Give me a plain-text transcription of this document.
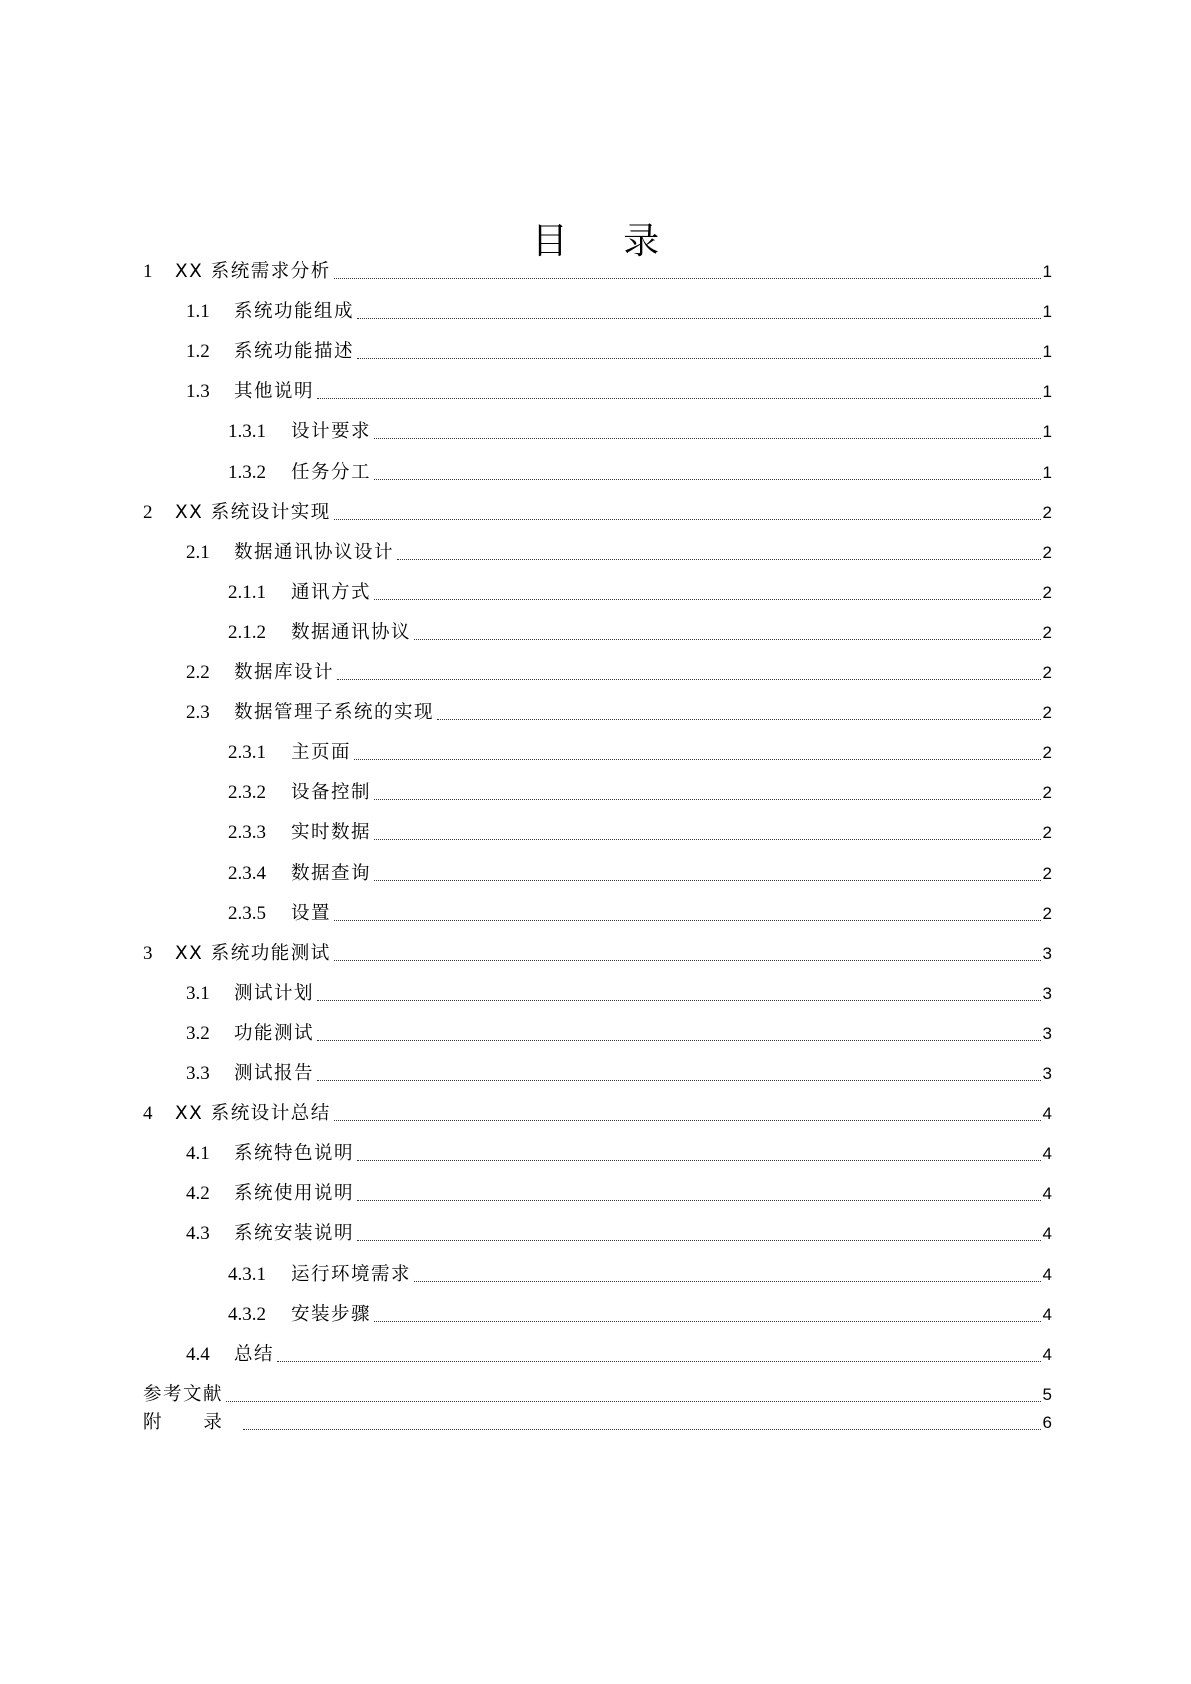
目 录
1	XX 系统需求分析	1
1.1	系统功能组成	1
1.2	系统功能描述	1
1.3	其他说明	1
1.3.1	设计要求	1
1.3.2	任务分工	1
2	XX 系统设计实现	2
2.1	数据通讯协议设计	2
2.1.1	通讯方式	2
2.1.2	数据通讯协议	2
2.2	数据库设计	2
2.3	数据管理子系统的实现	2
2.3.1	主页面	2
2.3.2	设备控制	2
2.3.3	实时数据	2
2.3.4	数据查询	2
2.3.5	设置	2
3	XX 系统功能测试	3
3.1	测试计划	3
3.2	功能测试	3
3.3	测试报告	3
4	XX 系统设计总结	4
4.1	系统特色说明	4
4.2	系统使用说明	4
4.3	系统安装说明	4
4.3.1	运行环境需求	4
4.3.2	安装步骤	4
4.4	总结	4
参考文献	5
附 录	6
